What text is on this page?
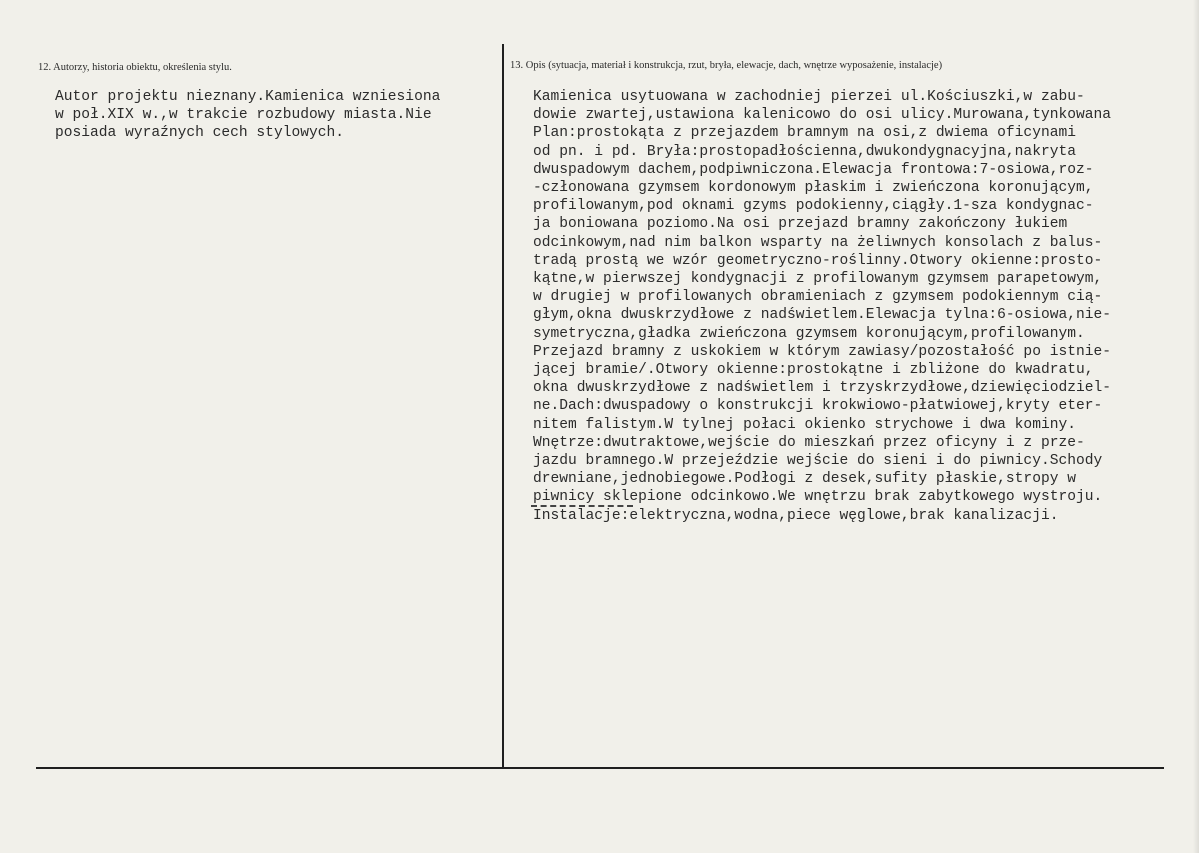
12. Autorzy, historia obiektu, określenia stylu.	13. Opis (sytuacja, materiał i konstrukcja, rzut, bryła, elewacje, dach, wnętrze wyposażenie, instalacje)
Autor projektu nieznany.Kamienica wzniesiona
w poł.XIX w.,w trakcie rozbudowy miasta.Nie
posiada wyraźnych cech stylowych.
Kamienica usytuowana w zachodniej pierzei ul.Kościuszki,w zabu-
dowie zwartej,ustawiona kalenicowo do osi ulicy.Murowana,tynkowana
Plan:prostokąta z przejazdem bramnym na osi,z dwiema oficynami
od pn. i pd. Bryła:prostopadłościenna,dwukondygnacyjna,nakryta
dwuspadowym dachem,podpiwniczona.Elewacja frontowa:7-osiowa,roz-
-członowana gzymsem kordonowym płaskim i zwieńczona koronującym,
profilowanym,pod oknami gzyms podokienny,ciągły.1-sza kondygnac-
ja boniowana poziomo.Na osi przejazd bramny zakończony łukiem
odcinkowym,nad nim balkon wsparty na żeliwnych konsolach z balus-
tradą prostą we wzór geometryczno-roślinny.Otwory okienne:prosto-
kątne,w pierwszej kondygnacji z profilowanym gzymsem parapetowym,
w drugiej w profilowanych obramieniach z gzymsem podokiennym cią-
głym,okna dwuskrzydłowe z nadświetlem.Elewacja tylna:6-osiowa,nie-
symetryczna,gładka zwieńczona gzymsem koronującym,profilowanym.
Przejazd bramny z uskokiem w którym zawiasy/pozostałość po istnie-
jącej bramie/.Otwory okienne:prostokątne i zbliżone do kwadratu,
okna dwuskrzydłowe z nadświetlem i trzyskrzydłowe,dziewięciodziel-
ne.Dach:dwuspadowy o konstrukcji krokwiowo-płatwiowej,kryty eter-
nitem falistym.W tylnej połaci okienko strychowe i dwa kominy.
Wnętrze:dwutraktowe,wejście do mieszkań przez oficyny i z prze-
jazdu bramnego.W przejeździe wejście do sieni i do piwnicy.Schody
drewniane,jednobiegowe.Podłogi z desek,sufity płaskie,stropy w
piwnicy sklepione odcinkowo.We wnętrzu brak zabytkowego wystroju.
Instalacje:elektryczna,wodna,piece węglowe,brak kanalizacji.
